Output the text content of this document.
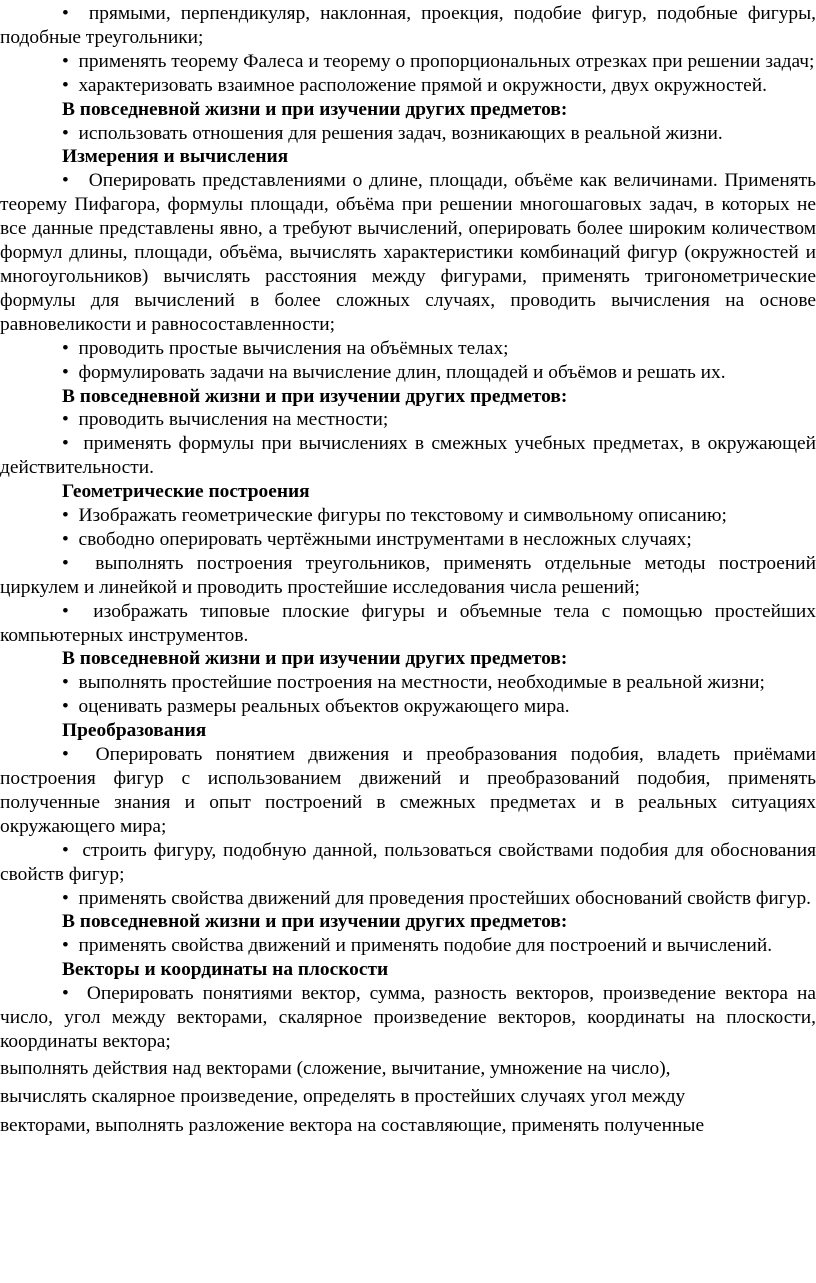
•  прямыми, перпендикуляр, наклонная, проекция, подобие фигур, подобные фигуры, подобные треугольники;

•  применять теорему Фалеса и теорему о пропорциональных отрезках при решении задач;

•  характеризовать взаимное расположение прямой и окружности, двух окружностей.

В повседневной жизни и при изучении других предметов:

•  использовать отношения для решения задач, возникающих в реальной жизни.

Измерения и вычисления

•   Оперировать представлениями о длине, площади, объёме как величинами. Применять теорему Пифагора, формулы площади, объёма при решении многошаговых задач, в которых не все данные представлены явно, а требуют вычислений, оперировать более широким количеством формул длины, площади, объёма, вычислять характеристики комбинаций фигур (окружностей и многоугольников) вычислять расстояния между фигурами, применять тригонометрические формулы для вычислений в более сложных случаях, проводить вычисления на основе равновеликости и равносоставленности;

•  проводить простые вычисления на объёмных телах;

•  формулировать задачи на вычисление длин, площадей и объёмов и решать их.

В повседневной жизни и при изучении других предметов:

•  проводить вычисления на местности;

•  применять формулы при вычислениях в смежных учебных предметах, в окружающей действительности.

Геометрические построения

•  Изображать геометрические фигуры по текстовому и символьному описанию;

•  свободно оперировать чертёжными инструментами в несложных случаях;

•  выполнять построения треугольников, применять отдельные методы построений циркулем и линейкой и проводить простейшие исследования числа решений;

•  изображать типовые плоские фигуры и объемные тела с помощью простейших компьютерных инструментов.

В повседневной жизни и при изучении других предметов:

•  выполнять простейшие построения на местности, необходимые в реальной жизни;

•  оценивать размеры реальных объектов окружающего мира.

Преобразования

•  Оперировать понятием движения и преобразования подобия, владеть приёмами построения фигур с использованием движений и преобразований подобия, применять полученные знания и опыт построений в смежных предметах и в реальных ситуациях окружающего мира;

•  строить фигуру, подобную данной, пользоваться свойствами подобия для обоснования свойств фигур;

•  применять свойства движений для проведения простейших обоснований свойств фигур.

В повседневной жизни и при изучении других предметов:

•  применять свойства движений и применять подобие для построений и вычислений.

Векторы и координаты на плоскости

•  Оперировать понятиями вектор, сумма, разность векторов, произведение вектора на число, угол между векторами, скалярное произведение векторов, координаты на плоскости, координаты вектора;

выполнять действия над векторами (сложение, вычитание, умножение на число),

вычислять скалярное произведение, определять в простейших случаях угол между

векторами, выполнять разложение вектора на составляющие, применять полученные
